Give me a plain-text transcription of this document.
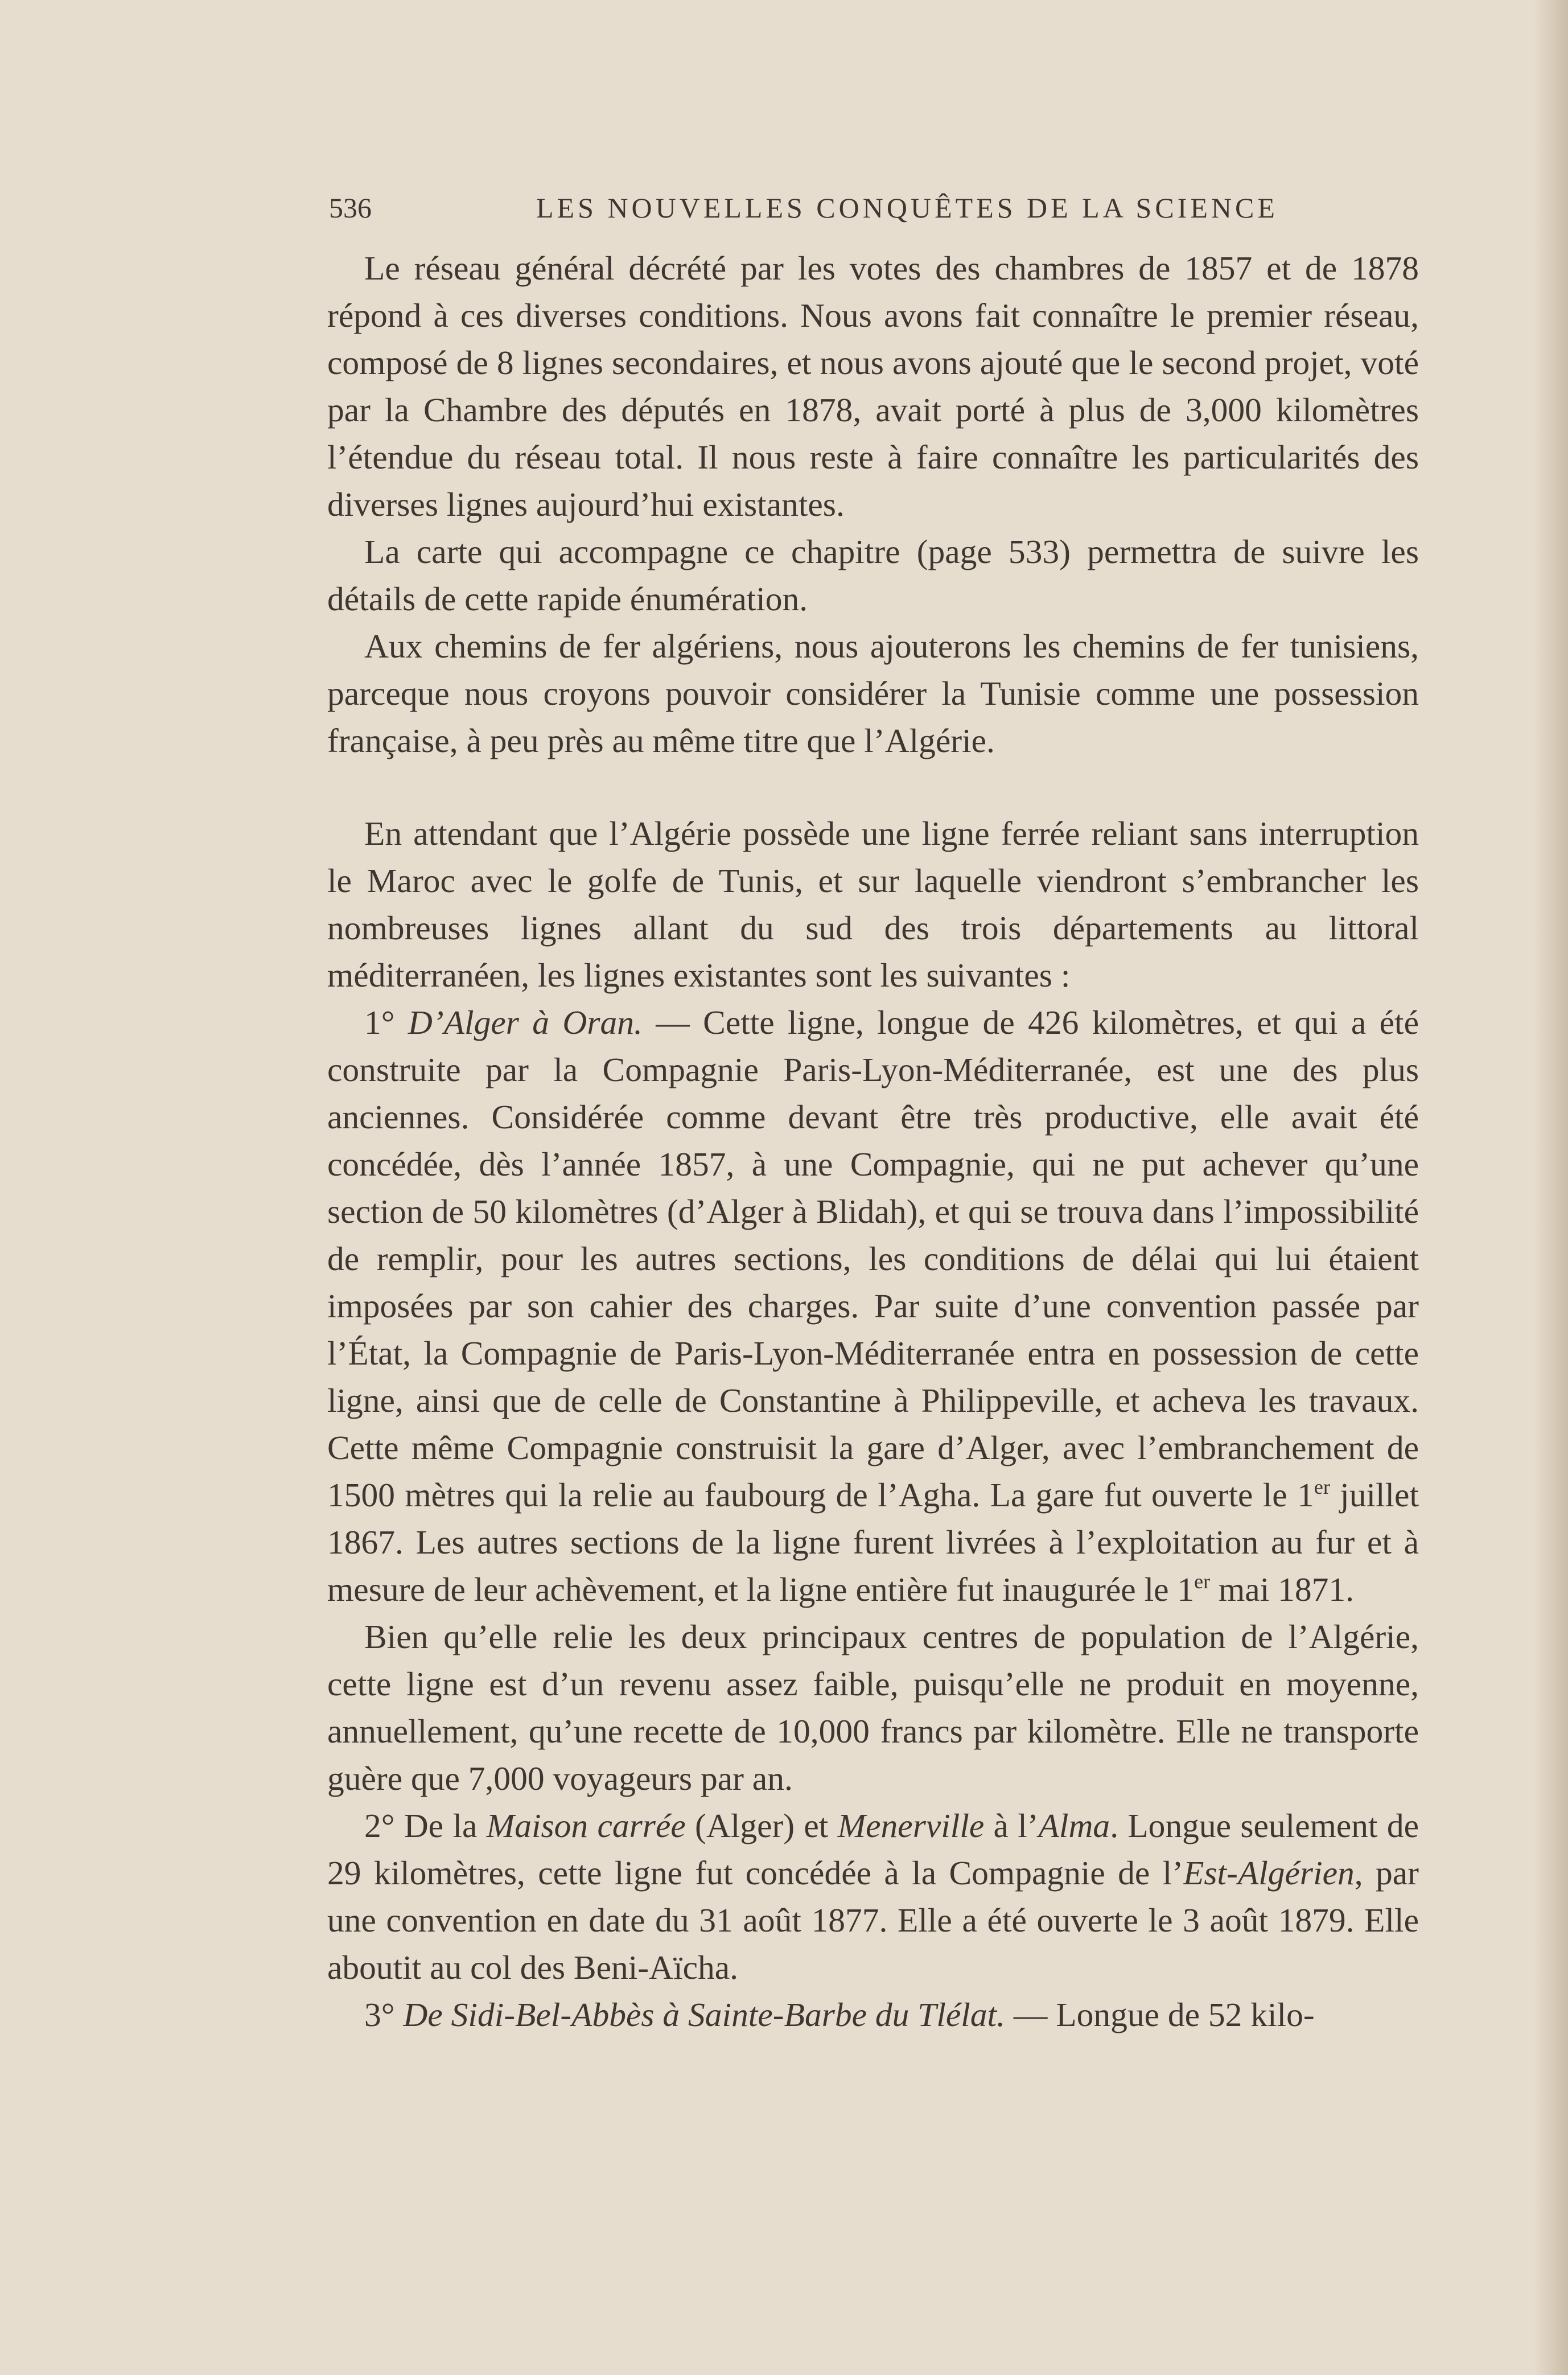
536	LES NOUVELLES CONQUÊTES DE LA SCIENCE

Le réseau général décrété par les votes des chambres de 1857 et de 1878 répond à ces diverses conditions. Nous avons fait connaître le premier réseau, composé de 8 lignes secondaires, et nous avons ajouté que le second projet, voté par la Chambre des députés en 1878, avait porté à plus de 3,000 kilomètres l’étendue du réseau total. Il nous reste à faire connaître les particularités des diverses lignes aujourd’hui existantes.

La carte qui accompagne ce chapitre (page 533) permettra de suivre les détails de cette rapide énumération.

Aux chemins de fer algériens, nous ajouterons les chemins de fer tunisiens, parceque nous croyons pouvoir considérer la Tunisie comme une possession française, à peu près au même titre que l’Algérie.

En attendant que l’Algérie possède une ligne ferrée reliant sans interruption le Maroc avec le golfe de Tunis, et sur laquelle viendront s’embrancher les nombreuses lignes allant du sud des trois départements au littoral méditerranéen, les lignes existantes sont les suivantes :

1° D’Alger à Oran. — Cette ligne, longue de 426 kilomètres, et qui a été construite par la Compagnie Paris-Lyon-Méditerranée, est une des plus anciennes. Considérée comme devant être très productive, elle avait été concédée, dès l’année 1857, à une Compagnie, qui ne put achever qu’une section de 50 kilomètres (d’Alger à Blidah), et qui se trouva dans l’impossibilité de remplir, pour les autres sections, les conditions de délai qui lui étaient imposées par son cahier des charges. Par suite d’une convention passée par l’État, la Compagnie de Paris-Lyon-Méditerranée entra en possession de cette ligne, ainsi que de celle de Constantine à Philippeville, et acheva les travaux. Cette même Compagnie construisit la gare d’Alger, avec l’embranchement de 1500 mètres qui la relie au faubourg de l’Agha. La gare fut ouverte le 1er juillet 1867. Les autres sections de la ligne furent livrées à l’exploitation au fur et à mesure de leur achèvement, et la ligne entière fut inaugurée le 1er mai 1871.

Bien qu’elle relie les deux principaux centres de population de l’Algérie, cette ligne est d’un revenu assez faible, puisqu’elle ne produit en moyenne, annuellement, qu’une recette de 10,000 francs par kilomètre. Elle ne transporte guère que 7,000 voyageurs par an.

2° De la Maison carrée (Alger) et Menerville à l’Alma. Longue seulement de 29 kilomètres, cette ligne fut concédée à la Compagnie de l’Est-Algérien, par une convention en date du 31 août 1877. Elle a été ouverte le 3 août 1879. Elle aboutit au col des Beni-Aïcha.

3° De Sidi-Bel-Abbès à Sainte-Barbe du Tlélat. — Longue de 52 kilo-
